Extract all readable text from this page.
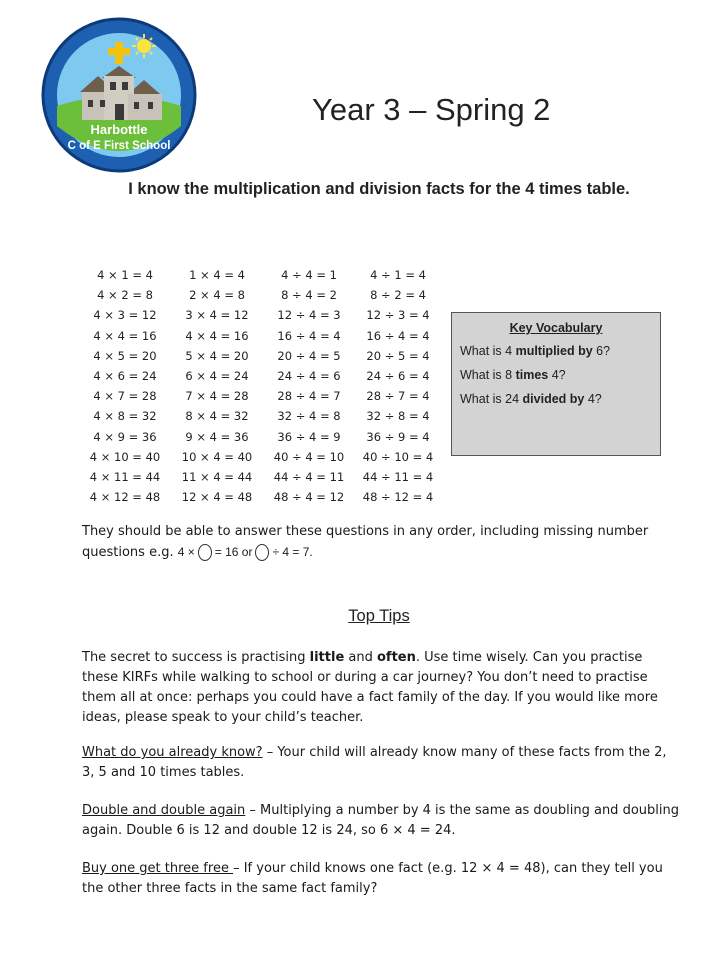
Harbottle
C of E First School
Year 3 – Spring 2
I know the multiplication and division facts for the 4 times table.
4 × 1 = 4	1 × 4 = 4	4 ÷ 4 = 1	4 ÷ 1 = 4
4 × 2 = 8	2 × 4 = 8	8 ÷ 4 = 2	8 ÷ 2 = 4
4 × 3 = 12	3 × 4 = 12	12 ÷ 4 = 3	12 ÷ 3 = 4
4 × 4 = 16	4 × 4 = 16	16 ÷ 4 = 4	16 ÷ 4 = 4
4 × 5 = 20	5 × 4 = 20	20 ÷ 4 = 5	20 ÷ 5 = 4
4 × 6 = 24	6 × 4 = 24	24 ÷ 4 = 6	24 ÷ 6 = 4
4 × 7 = 28	7 × 4 = 28	28 ÷ 4 = 7	28 ÷ 7 = 4
4 × 8 = 32	8 × 4 = 32	32 ÷ 4 = 8	32 ÷ 8 = 4
4 × 9 = 36	9 × 4 = 36	36 ÷ 4 = 9	36 ÷ 9 = 4
4 × 10 = 40	10 × 4 = 40	40 ÷ 4 = 10	40 ÷ 10 = 4
4 × 11 = 44	11 × 4 = 44	44 ÷ 4 = 11	44 ÷ 11 = 4
4 × 12 = 48	12 × 4 = 48	48 ÷ 4 = 12	48 ÷ 12 = 4
Key Vocabulary

What is 4 multiplied by 6?

What is 8 times 4?

What is 24 divided by 4?

They should be able to answer these questions in any order, including missing number questions e.g. 4 × = 16 or ÷ 4 = 7.

Top Tips

The secret to success is practising little and often. Use time wisely. Can you practise these KIRFs while walking to school or during a car journey? You don’t need to practise them all at once: perhaps you could have a fact family of the day. If you would like more ideas, please speak to your child’s teacher.

What do you already know? – Your child will already know many of these facts from the 2, 3, 5 and 10 times tables.

Double and double again – Multiplying a number by 4 is the same as doubling and doubling again. Double 6 is 12 and double 12 is 24, so 6 × 4 = 24.

Buy one get three free – If your child knows one fact (e.g. 12 × 4 = 48), can they tell you the other three facts in the same fact family?
